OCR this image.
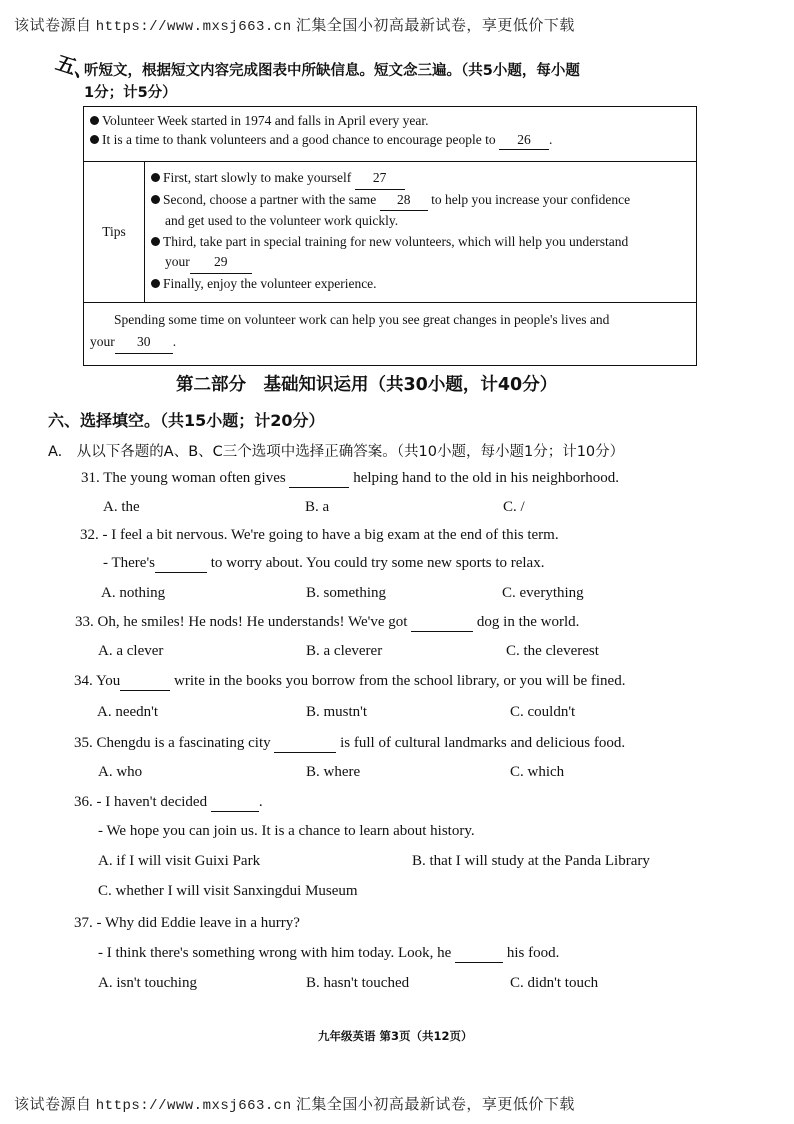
该试卷源自 https://www.mxsj663.cn 汇集全国小初高最新试卷，享更低价下载
五、
听短文，根据短文内容完成图表中所缺信息。短文念三遍。（共5小题，每小题
1分；计5分）
Volunteer Week started in 1974 and falls in April every year.
It is a time to thank volunteers and a good chance to encourage people to 26 .

Tips	
First, start slowly to make yourself 27
Second, choose a partner with the same 28 to help you increase your confidence
and get used to the volunteer work quickly.
Third, take part in special training for new volunteers, which will help you understand
your 29
Finally, enjoy the volunteer experience.

Spending some time on volunteer work can help you see great changes in people's lives and
your 30 .
第二部分　基础知识运用（共30小题，计40分）
六、选择填空。（共15小题；计20分）
A.　从以下各题的A、B、C三个选项中选择正确答案。（共10小题，每小题1分；计10分）
31. The young woman often gives	helping hand to the old in his neighborhood.
A. the	B. a	C. /
32. - I feel a bit nervous. We're going to have a big exam at the end of this term.
- There's	to worry about. You could try some new sports to relax.
A. nothing	B. something	C. everything
33. Oh, he smiles! He nods! He understands! We've got	dog in the world.
A. a clever	B. a cleverer	C. the cleverest
34. You	write in the books you borrow from the school library, or you will be fined.
A. needn't	B. mustn't	C. couldn't
35. Chengdu is a fascinating city	is full of cultural landmarks and delicious food.
A. who	B. where	C. which
36. - I haven't decided	.
- We hope you can join us. It is a chance to learn about history.
A. if I will visit Guixi Park	B. that I will study at the Panda Library
C. whether I will visit Sanxingdui Museum
37. - Why did Eddie leave in a hurry?
- I think there's something wrong with him today. Look, he	his food.
A. isn't touching	B. hasn't touched	C. didn't touch
九年级英语 第3页（共12页）
该试卷源自 https://www.mxsj663.cn 汇集全国小初高最新试卷，享更低价下载
